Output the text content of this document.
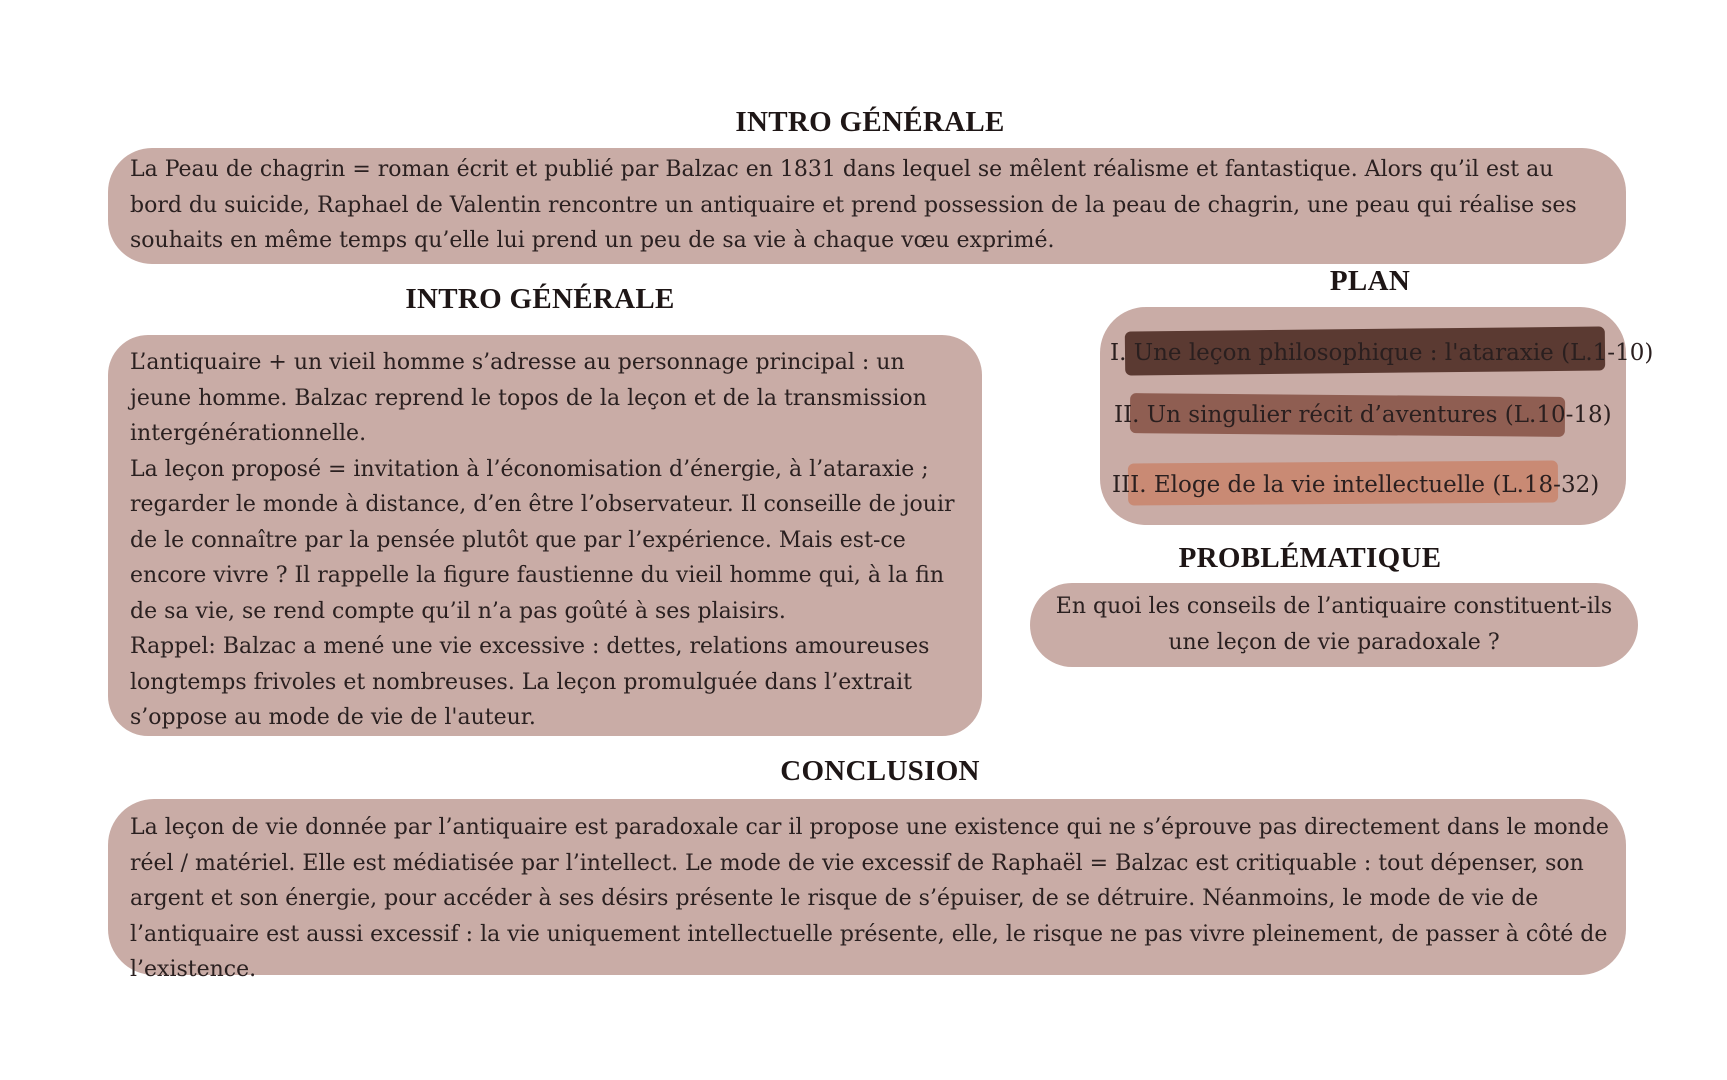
INTRO GÉNÉRALE

La Peau de chagrin = roman écrit et publié par Balzac en 1831 dans lequel se mêlent réalisme et fantastique. Alors qu’il est au bord du suicide, Raphael de Valentin rencontre un antiquaire et prend possession de la peau de chagrin, une peau qui réalise ses souhaits en même temps qu’elle lui prend un peu de sa vie à chaque vœu exprimé.

INTRO GÉNÉRALE

L’antiquaire + un vieil homme s’adresse au personnage principal : un jeune homme. Balzac reprend le topos de la leçon et de la transmission intergénérationnelle.

La leçon proposé = invitation à l’économisation d’énergie, à l’ataraxie ; regarder le monde à distance, d’en être l’observateur. Il conseille de jouir de le connaître par la pensée plutôt que par l’expérience. Mais est-ce encore vivre ? Il rappelle la figure faustienne du vieil homme qui, à la fin de sa vie, se rend compte qu’il n’a pas goûté à ses plaisirs.

Rappel: Balzac a mené une vie excessive : dettes, relations amoureuses longtemps frivoles et nombreuses. La leçon promulguée dans l’extrait s’oppose au mode de vie de l'auteur.

PLAN
I. Une leçon philosophique : l'ataraxie (L.1-10)
II. Un singulier récit d’aventures (L.10-18)
III. Eloge de la vie intellectuelle (L.18-32)
PROBLÉMATIQUE

En quoi les conseils de l’antiquaire constituent-ils une leçon de vie paradoxale ?

CONCLUSION

La leçon de vie donnée par l’antiquaire est paradoxale car il propose une existence qui ne s’éprouve pas directement dans le monde réel / matériel. Elle est médiatisée par l’intellect. Le mode de vie excessif de Raphaël = Balzac est critiquable : tout dépenser, son argent et son énergie, pour accéder à ses désirs présente le risque de s’épuiser, de se détruire. Néanmoins, le mode de vie de l’antiquaire est aussi excessif : la vie uniquement intellectuelle présente, elle, le risque ne pas vivre pleinement, de passer à côté de l’existence.
